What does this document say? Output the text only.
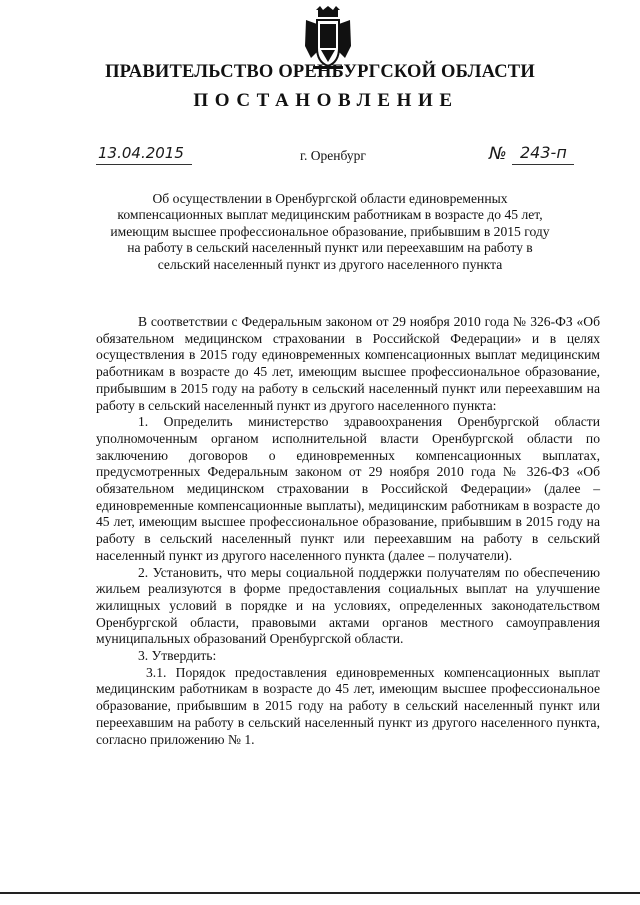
ПРАВИТЕЛЬСТВО ОРЕНБУРГСКОЙ ОБЛАСТИ
ПОСТАНОВЛЕНИЕ
13.04.2015	г. Оренбург	№ 243-п

Об осуществлении в Оренбургской области единовременных компенсационных выплат медицинским работникам в возрасте до 45 лет, имеющим высшее профессиональное образование, прибывшим в 2015 году на работу в сельский населенный пункт или переехавшим на работу в сельский населенный пункт из другого населенного пункта

В соответствии с Федеральным законом от 29 ноября 2010 года № 326-ФЗ «Об обязательном медицинском страховании в Российской Федерации» и в целях осуществления в 2015 году единовременных компенсационных выплат медицинским работникам в возрасте до 45 лет, имеющим высшее профессиональное образование, прибывшим в 2015 году на работу в сельский населенный пункт или переехавшим на работу в сельский населенный пункт из другого населенного пункта:

1. Определить министерство здравоохранения Оренбургской области уполномоченным органом исполнительной власти Оренбургской области по заключению договоров о единовременных компенсационных выплатах, предусмотренных Федеральным законом от 29 ноября 2010 года № 326-ФЗ «Об обязательном медицинском страховании в Российской Федерации» (далее – единовременные компенсационные выплаты), медицинским работникам в возрасте до 45 лет, имеющим высшее профессиональное образование, прибывшим в 2015 году на работу в сельский населенный пункт или переехавшим на работу в сельский населенный пункт из другого населенного пункта (далее – получатели).

2. Установить, что меры социальной поддержки получателям по обеспечению жильем реализуются в форме предоставления социальных выплат на улучшение жилищных условий в порядке и на условиях, определенных законодательством Оренбургской области, правовыми актами органов местного самоуправления муниципальных образований Оренбургской области.

3. Утвердить:

3.1. Порядок предоставления единовременных компенсационных выплат медицинским работникам в возрасте до 45 лет, имеющим высшее профессиональное образование, прибывшим в 2015 году на работу в сельский населенный пункт или переехавшим на работу в сельский населенный пункт из другого населенного пункта, согласно приложению № 1.
